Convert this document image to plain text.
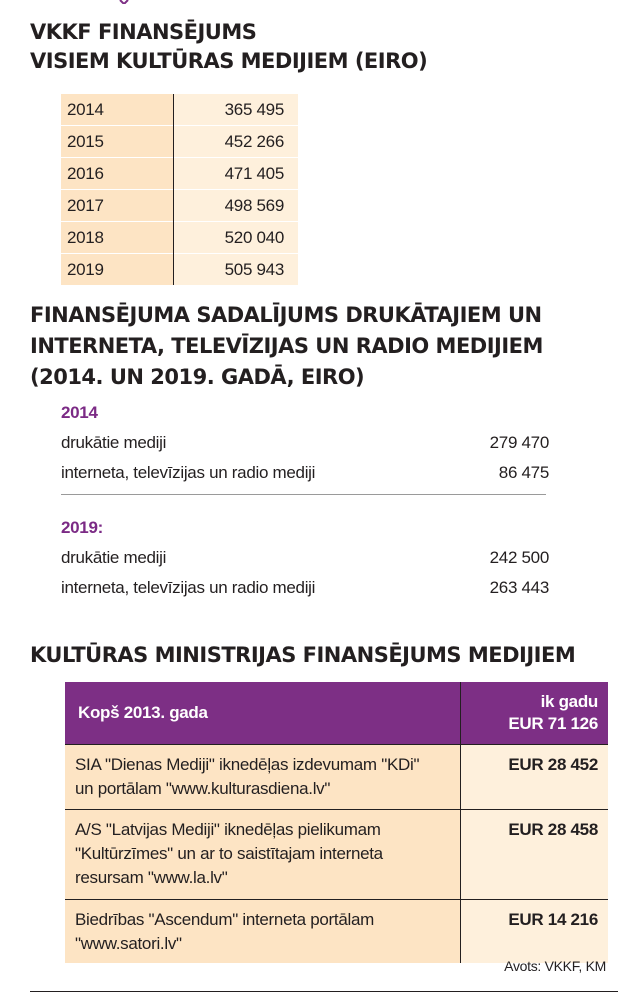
VKKF FINANSĒJUMS
VISIEM KULTŪRAS MEDIJIEM (EIRO)
2014	365 495
2015	452 266
2016	471 405
2017	498 569
2018	520 040
2019	505 943
FINANSĒJUMA SADALĪJUMS DRUKĀTAJIEM UN
INTERNETA, TELEVĪZIJAS UN RADIO MEDIJIEM
(2014. UN 2019. GADĀ, EIRO)
2014
drukātie mediji	279 470
interneta, televīzijas un radio mediji	86 475
2019:
drukātie mediji	242 500
interneta, televīzijas un radio mediji	263 443
KULTŪRAS MINISTRIJAS FINANSĒJUMS MEDIJIEM
Kopš 2013. gada	ik gadu
EUR 71 126
SIA "Dienas Mediji" iknedēļas izdevumam "KDi"
un portālam "www.kulturasdiena.lv"	EUR 28 452
A/S "Latvijas Mediji" iknedēļas pielikumam
"Kultūrzīmes" un ar to saistītajam interneta
resursam "www.la.lv"	EUR 28 458
Biedrības "Ascendum" interneta portālam
"www.satori.lv"	EUR 14 216
Avots: VKKF, KM
